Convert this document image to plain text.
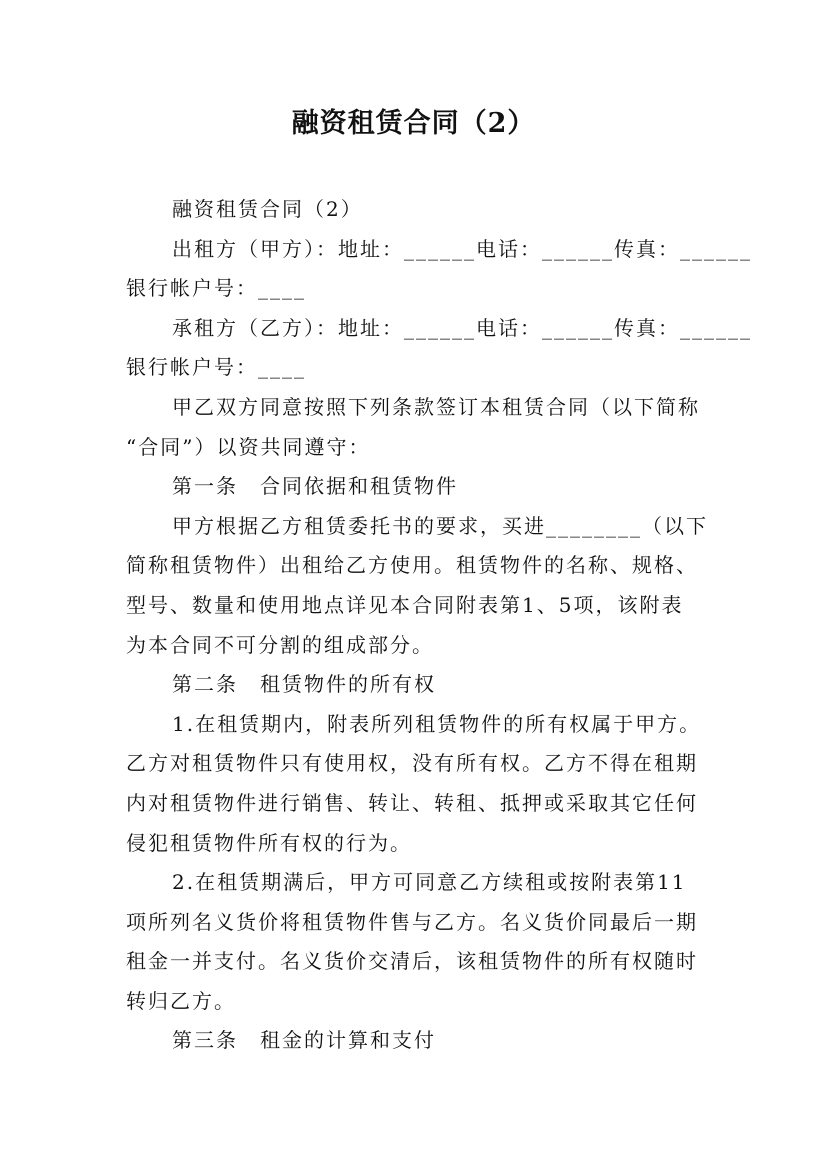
融资租赁合同（2）
融资租赁合同（2）
出租方（甲方）：地址：______电话：______传真：______
银行帐户号：____
承租方（乙方）：地址：______电话：______传真：______
银行帐户号：____
甲乙双方同意按照下列条款签订本租赁合同（以下简称
“合同”）以资共同遵守：
第一条　合同依据和租赁物件
甲方根据乙方租赁委托书的要求，买进________（以下
简称租赁物件）出租给乙方使用。租赁物件的名称、规格、
型号、数量和使用地点详见本合同附表第1、5项，该附表
为本合同不可分割的组成部分。
第二条　租赁物件的所有权
1.在租赁期内，附表所列租赁物件的所有权属于甲方。
乙方对租赁物件只有使用权，没有所有权。乙方不得在租期
内对租赁物件进行销售、转让、转租、抵押或采取其它任何
侵犯租赁物件所有权的行为。
2.在租赁期满后，甲方可同意乙方续租或按附表第11
项所列名义货价将租赁物件售与乙方。名义货价同最后一期
租金一并支付。名义货价交清后，该租赁物件的所有权随时
转归乙方。
第三条　租金的计算和支付
